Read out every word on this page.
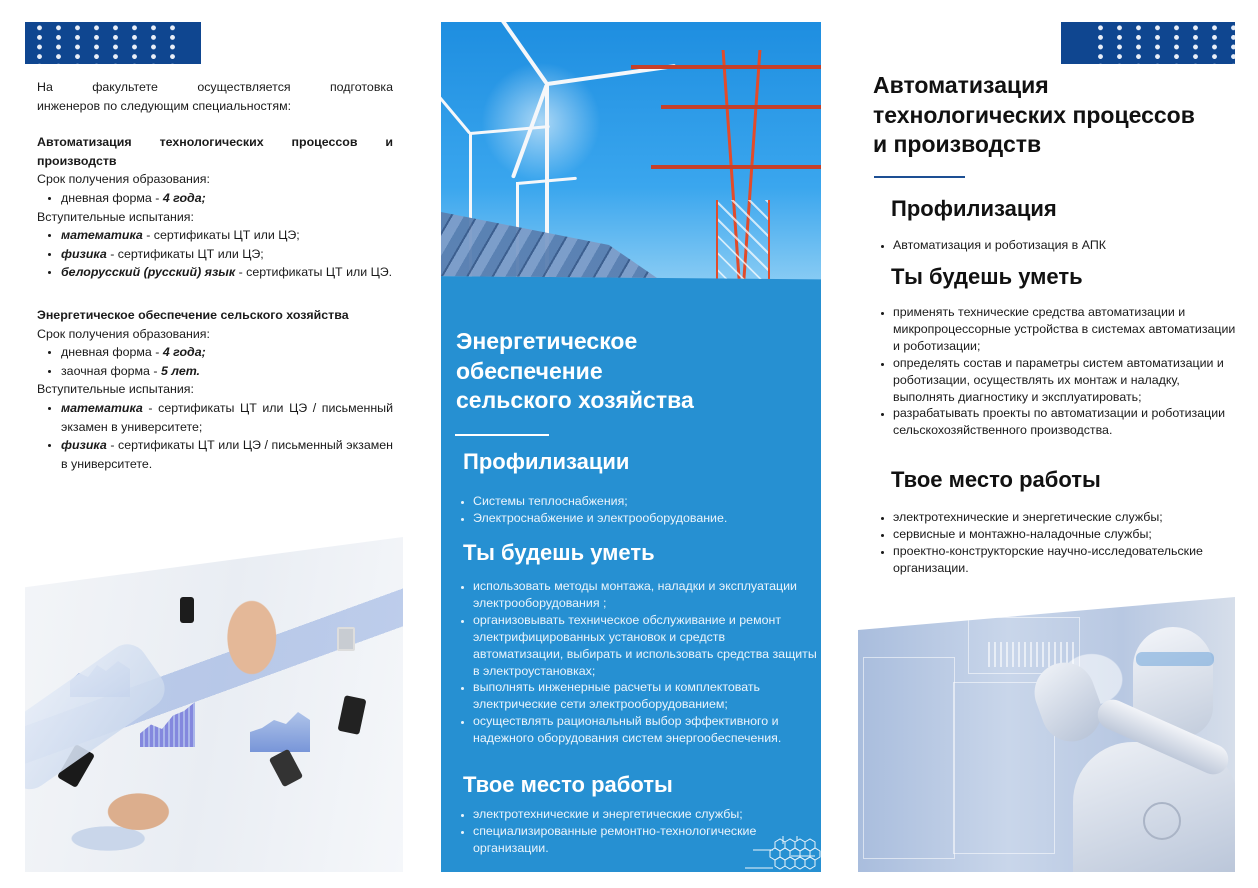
На факультете осуществляется подготовка

инженеров по следующим специальностям:

Автоматизация технологических процессов и

производств

Срок получения образования:

• дневная форма - 4 года;

Вступительные испытания:

• математика - сертификаты ЦТ или ЦЭ;
• физика - сертификаты ЦТ или ЦЭ;
• белорусский (русский) язык - сертификаты ЦТ или ЦЭ.

Энергетическое обеспечение сельского хозяйства

Срок получения образования:

• дневная форма - 4 года;
• заочная форма - 5 лет.

Вступительные испытания:

• математика - сертификаты ЦТ или ЦЭ / письменный экзамен в университете;
• физика - сертификаты ЦТ или ЦЭ / письменный экзамен в университете.
Энергетическое
обеспечение
сельского хозяйства
Профилизации
• Системы теплоснабжения;
• Электроснабжение и электрооборудование.
Ты будешь уметь
• использовать методы монтажа, наладки и эксплуатации электрооборудования ;
• организовывать техническое обслуживание и ремонт электрифицированных установок и средств автоматизации, выбирать и использовать средства защиты в электроустановках;
• выполнять инженерные расчеты и комплектовать электрические сети электрооборудованием;
• осуществлять рациональный выбор эффективного и надежного оборудования систем энергообеспечения.
Твое место работы
• электротехнические и энергетические службы;
• специализированные ремонтно-технологические организации.
Автоматизация
технологических процессов
и производств
Профилизация
• Автоматизация и роботизация в АПК
Ты будешь уметь
• применять технические средства автоматизации и микропроцессорные устройства в системах автоматизации и роботизации;
• определять состав и параметры систем автоматизации и роботизации, осуществлять их монтаж и наладку, выполнять диагностику и эксплуатировать;
• разрабатывать проекты по автоматизации и роботизации сельскохозяйственного производства.
Твое место работы
• электротехнические и энергетические службы;
• сервисные и монтажно-наладочные службы;
• проектно-конструкторские научно-исследовательские организации.
